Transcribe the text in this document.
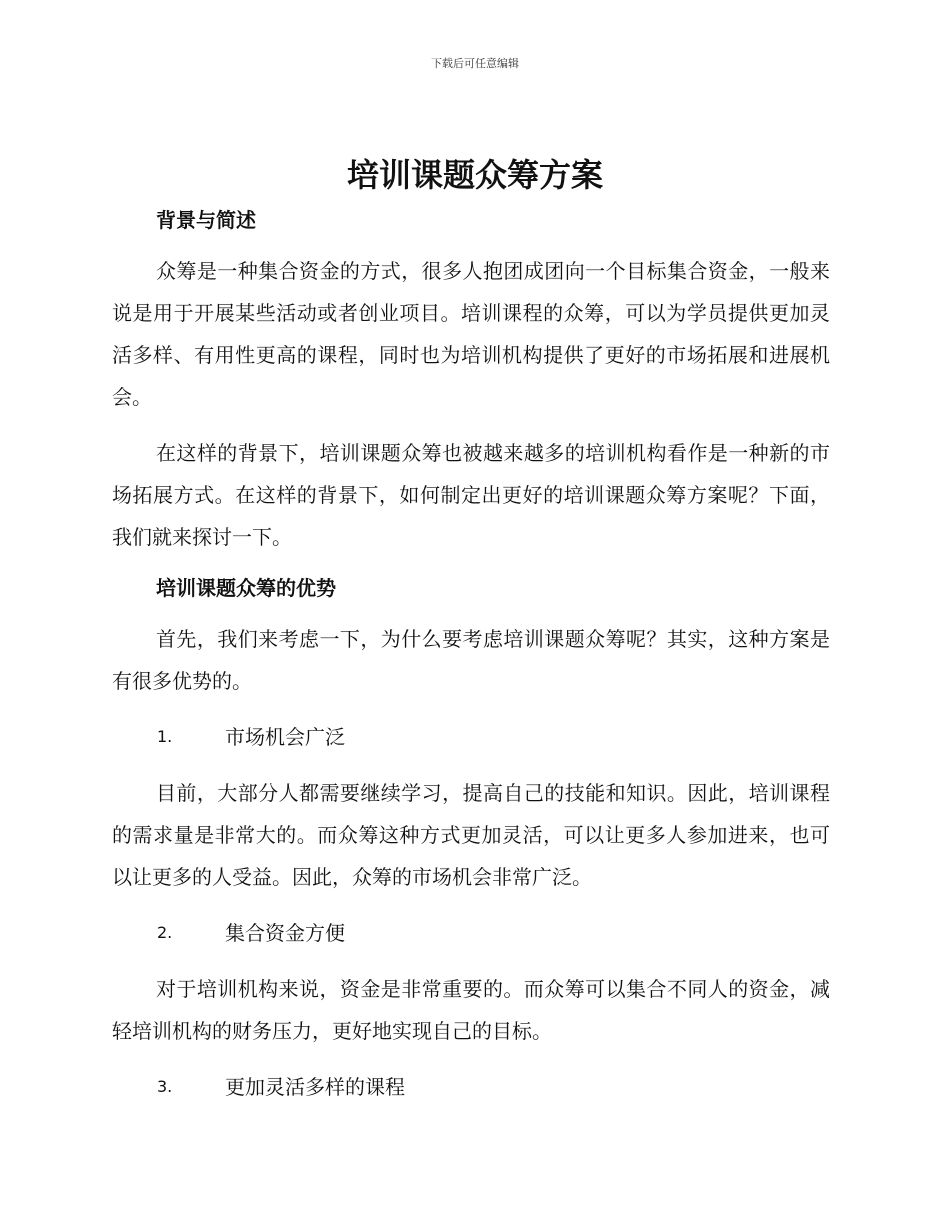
下载后可任意编辑
培训课题众筹方案
背景与简述

众筹是一种集合资金的方式，很多人抱团成团向一个目标集合资金，一般来说是用于开展某些活动或者创业项目。培训课程的众筹，可以为学员提供更加灵活多样、有用性更高的课程，同时也为培训机构提供了更好的市场拓展和进展机会。

在这样的背景下，培训课题众筹也被越来越多的培训机构看作是一种新的市场拓展方式。在这样的背景下，如何制定出更好的培训课题众筹方案呢？下面，我们就来探讨一下。

培训课题众筹的优势

首先，我们来考虑一下，为什么要考虑培训课题众筹呢？其实，这种方案是有很多优势的。

1.	市场机会广泛

目前，大部分人都需要继续学习，提高自己的技能和知识。因此，培训课程的需求量是非常大的。而众筹这种方式更加灵活，可以让更多人参加进来，也可以让更多的人受益。因此，众筹的市场机会非常广泛。

2.	集合资金方便

对于培训机构来说，资金是非常重要的。而众筹可以集合不同人的资金，减轻培训机构的财务压力，更好地实现自己的目标。

3.	更加灵活多样的课程
